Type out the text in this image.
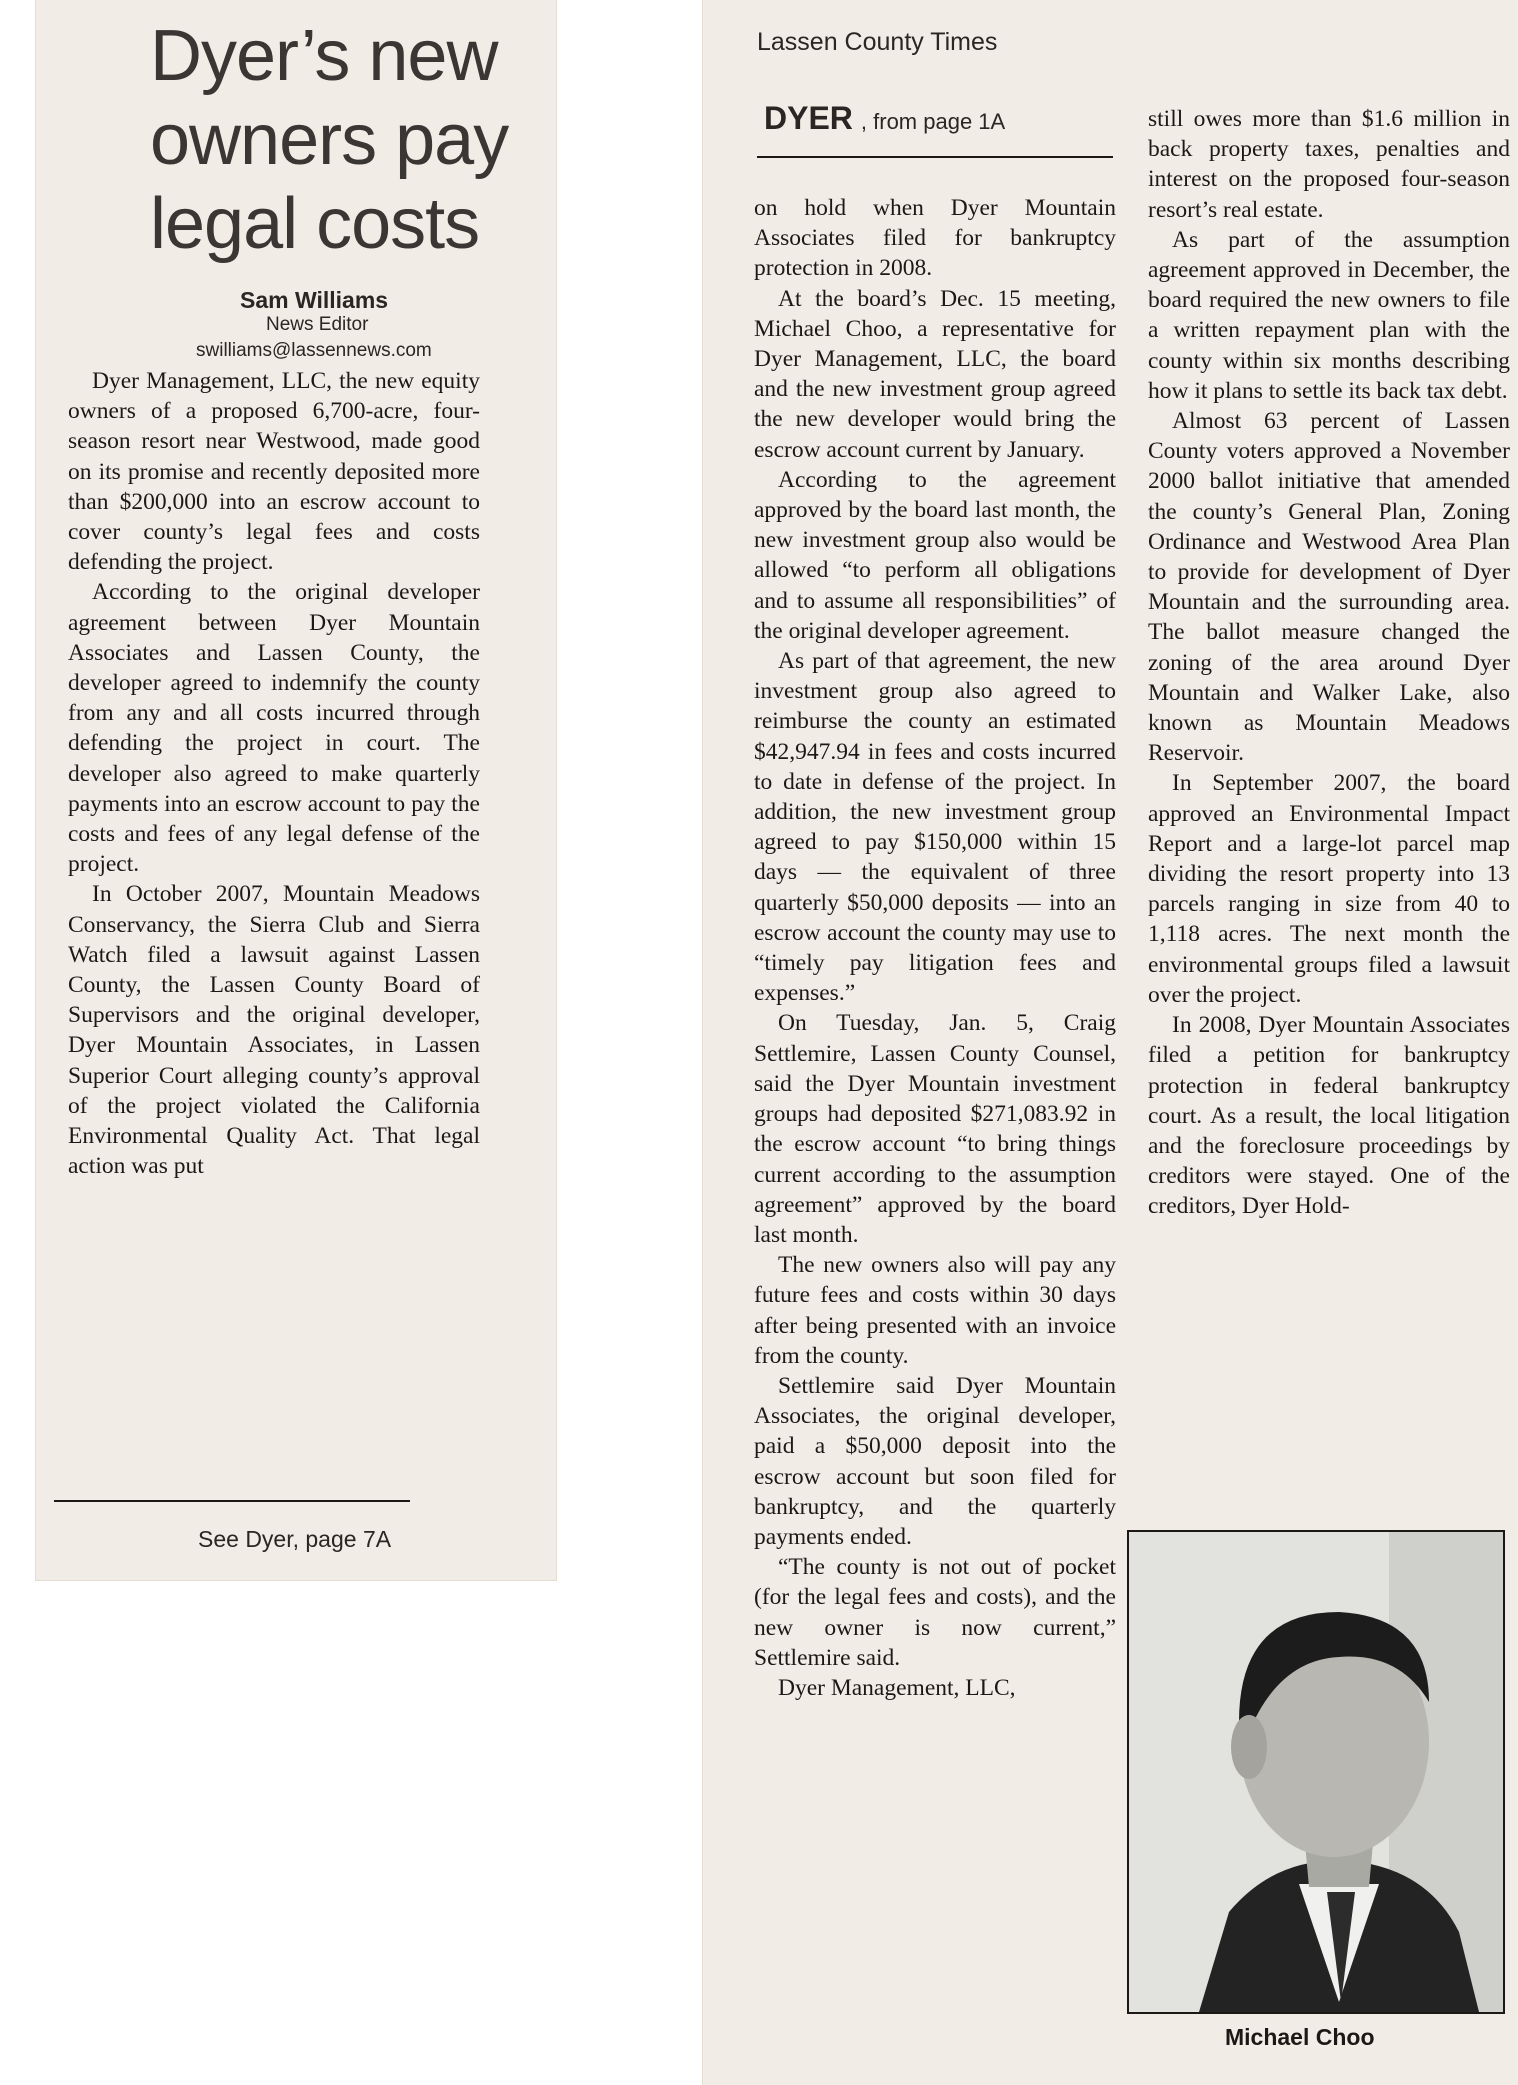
Dyer’s new owners pay legal costs
Sam Williams
News Editor
swilliams@lassennews.com

Dyer Management, LLC, the new equity owners of a proposed 6,700-acre, four-season resort near Westwood, made good on its promise and recently deposited more than $200,000 into an escrow account to cover county’s legal fees and costs defending the project.

According to the original developer agreement between Dyer Mountain Associates and Lassen County, the developer agreed to indemnify the county from any and all costs incurred through defending the project in court. The developer also agreed to make quarterly payments into an escrow account to pay the costs and fees of any legal defense of the project.

In October 2007, Mountain Meadows Conservancy, the Sierra Club and Sierra Watch filed a lawsuit against Lassen County, the Lassen County Board of Supervisors and the original developer, Dyer Mountain Associates, in Lassen Superior Court alleging county’s approval of the project violated the California Environmental Quality Act. That legal action was put

See Dyer, page 7A
Lassen County Times
DYER , from page 1A

on hold when Dyer Mountain Associates filed for bankruptcy protection in 2008.

At the board’s Dec. 15 meeting, Michael Choo, a representative for Dyer Management, LLC, the board and the new investment group agreed the new developer would bring the escrow account current by January.

According to the agreement approved by the board last month, the new investment group also would be allowed “to perform all obligations and to assume all responsibilities” of the original developer agreement.

As part of that agreement, the new investment group also agreed to reimburse the county an estimated $42,947.94 in fees and costs incurred to date in defense of the project. In addition, the new investment group agreed to pay $150,000 within 15 days — the equivalent of three quarterly $50,000 deposits — into an escrow account the county may use to “timely pay litigation fees and expenses.”

On Tuesday, Jan. 5, Craig Settlemire, Lassen County Counsel, said the Dyer Mountain investment groups had deposited $271,083.92 in the escrow account “to bring things current according to the assumption agreement” approved by the board last month.

The new owners also will pay any future fees and costs within 30 days after being presented with an invoice from the county.

Settlemire said Dyer Mountain Associates, the original developer, paid a $50,000 deposit into the escrow account but soon filed for bankruptcy, and the quarterly payments ended.

“The county is not out of pocket (for the legal fees and costs), and the new owner is now current,” Settlemire said.

Dyer Management, LLC,

still owes more than $1.6 million in back property taxes, penalties and interest on the proposed four-season resort’s real estate.

As part of the assumption agreement approved in December, the board required the new owners to file a written repayment plan with the county within six months describing how it plans to settle its back tax debt.

Almost 63 percent of Lassen County voters approved a November 2000 ballot initiative that amended the county’s General Plan, Zoning Ordinance and Westwood Area Plan to provide for development of Dyer Mountain and the surrounding area. The ballot measure changed the zoning of the area around Dyer Mountain and Walker Lake, also known as Mountain Meadows Reservoir.

In September 2007, the board approved an Environmental Impact Report and a large-lot parcel map dividing the resort property into 13 parcels ranging in size from 40 to 1,118 acres. The next month the environmental groups filed a lawsuit over the project.

In 2008, Dyer Mountain Associates filed a petition for bankruptcy protection in federal bankruptcy court. As a result, the local litigation and the foreclosure proceedings by creditors were stayed. One of the creditors, Dyer Hold-

Michael Choo
